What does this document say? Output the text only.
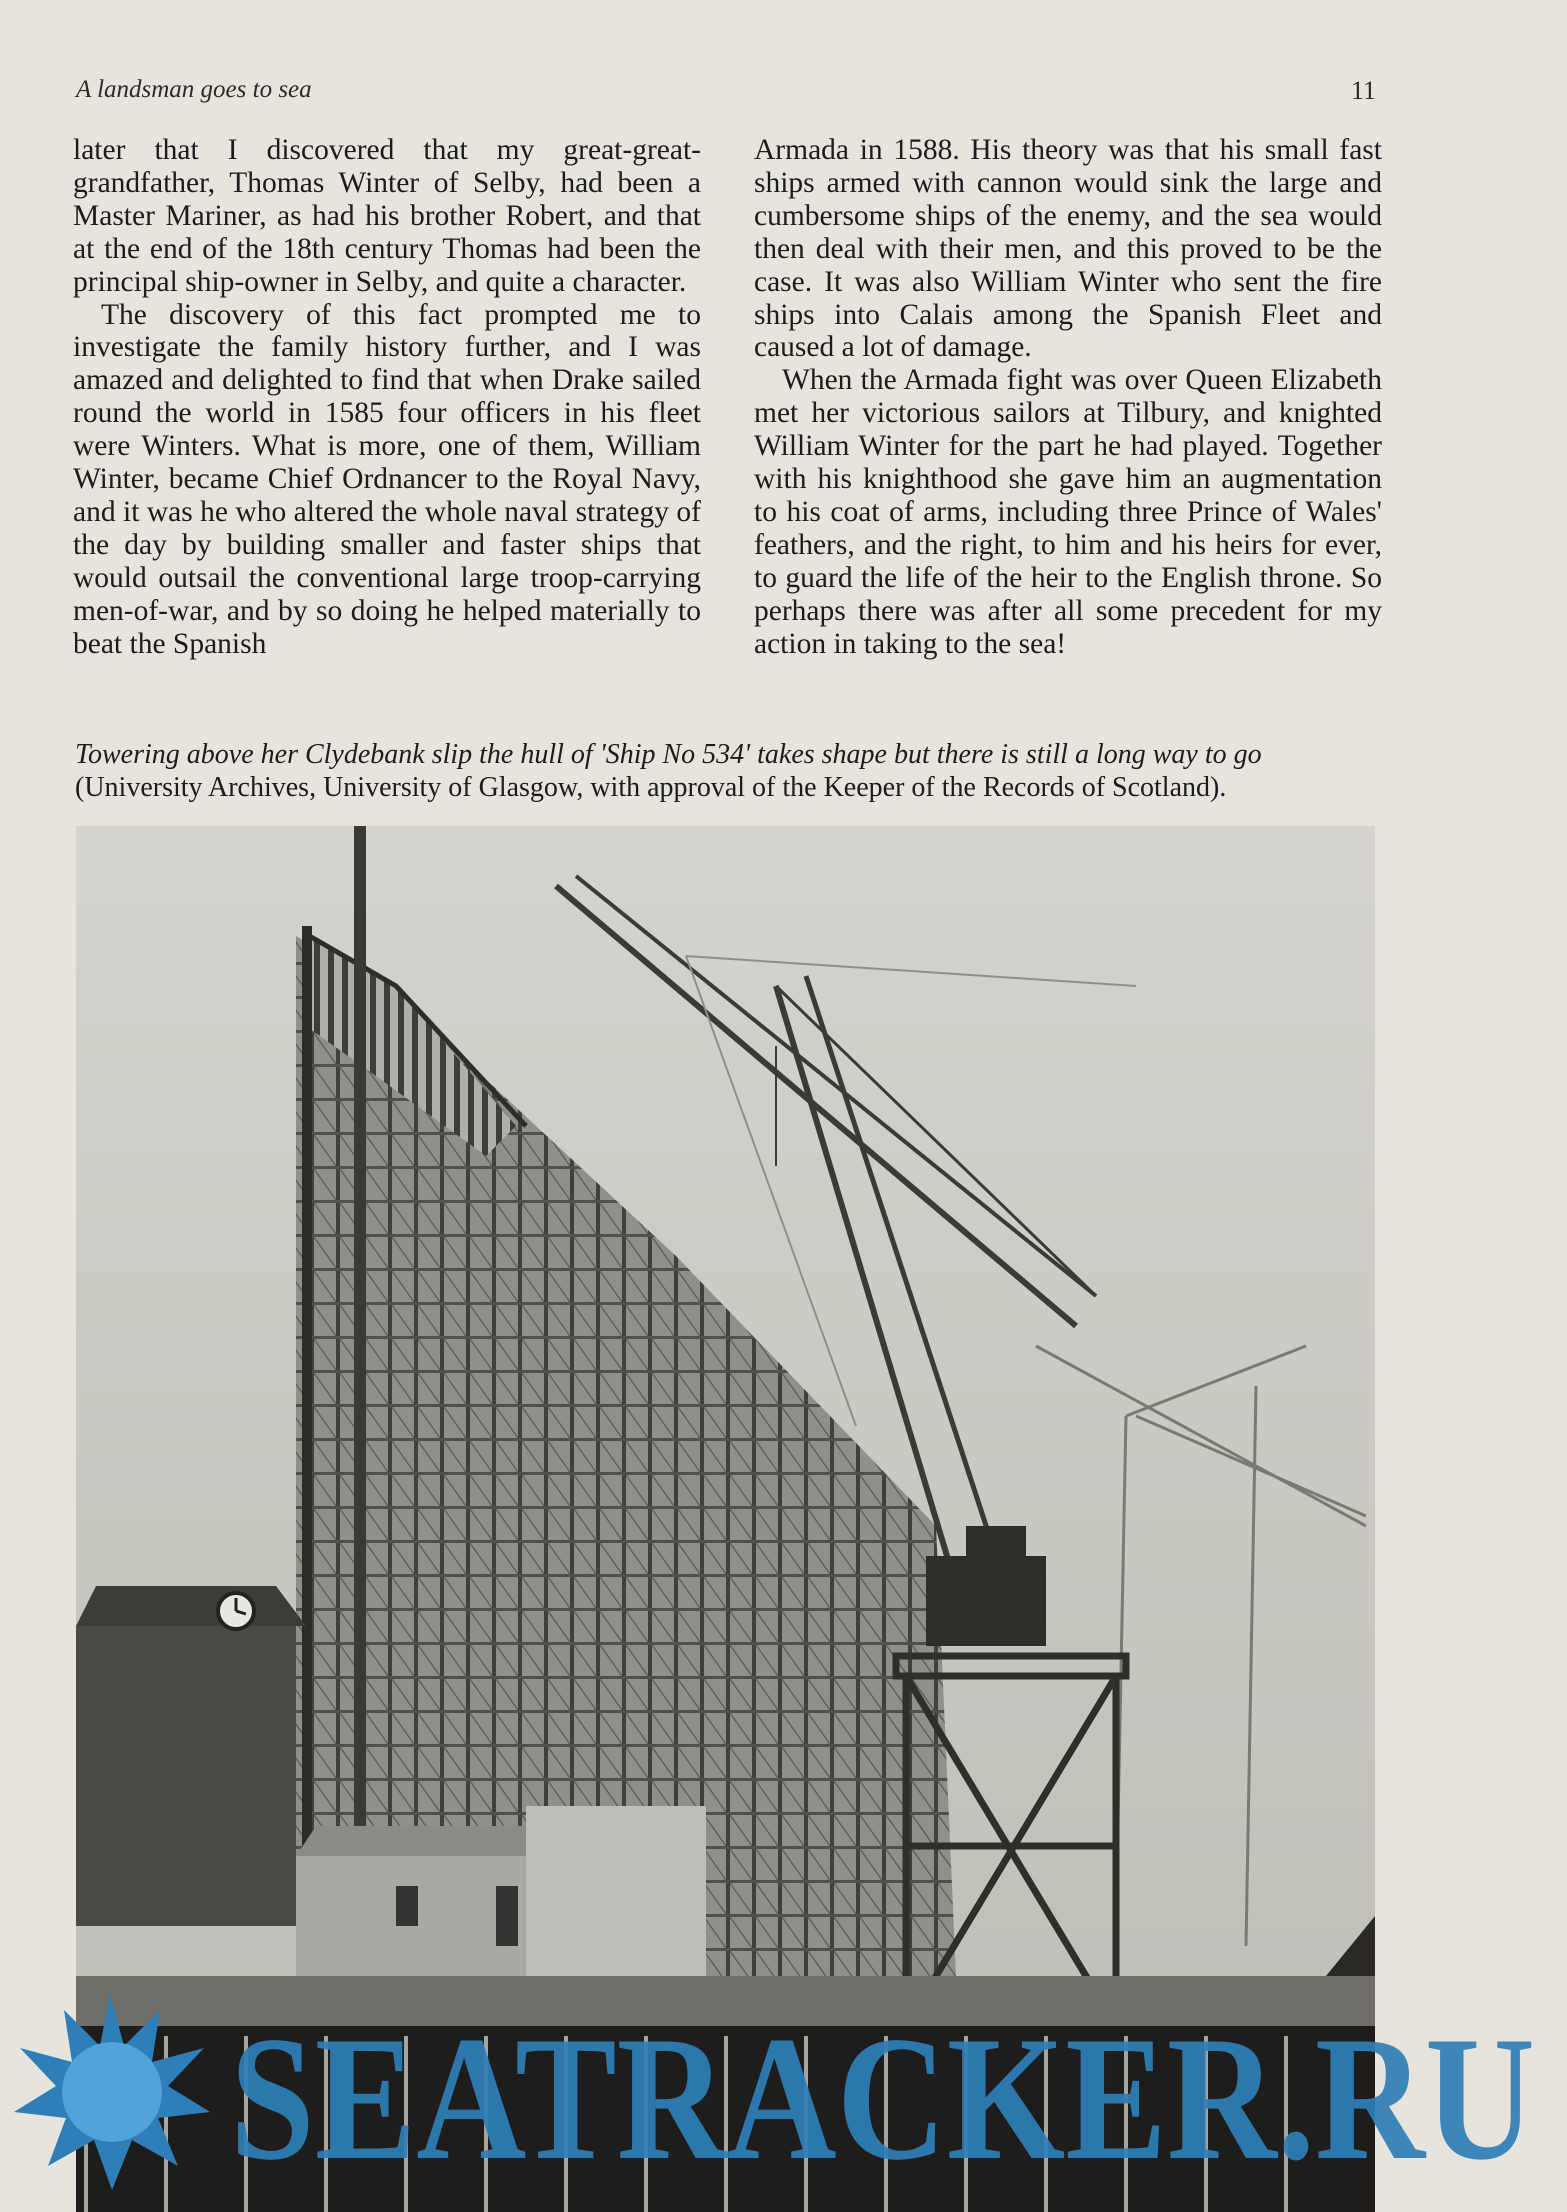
A landsman goes to sea	11

later that I discovered that my great-great-grandfather, Thomas Winter of Selby, had been a Master Mariner, as had his brother Robert, and that at the end of the 18th century Thomas had been the principal ship-owner in Selby, and quite a character.

The discovery of this fact prompted me to investigate the family history further, and I was amazed and delighted to find that when Drake sailed round the world in 1585 four officers in his fleet were Winters. What is more, one of them, William Winter, became Chief Ordnancer to the Royal Navy, and it was he who altered the whole naval strategy of the day by building smaller and faster ships that would outsail the conventional large troop-carrying men-of-war, and by so doing he helped materially to beat the Spanish

Armada in 1588. His theory was that his small fast ships armed with cannon would sink the large and cumbersome ships of the enemy, and the sea would then deal with their men, and this proved to be the case. It was also William Winter who sent the fire ships into Calais among the Spanish Fleet and caused a lot of damage.

When the Armada fight was over Queen Elizabeth met her victorious sailors at Tilbury, and knighted William Winter for the part he had played. Together with his knighthood she gave him an augmentation to his coat of arms, including three Prince of Wales' feathers, and the right, to him and his heirs for ever, to guard the life of the heir to the English throne. So perhaps there was after all some precedent for my action in taking to the sea!

Towering above her Clydebank slip the hull of 'Ship No 534' takes shape but there is still a long way to go (University Archives, University of Glasgow, with approval of the Keeper of the Records of Scotland).
SEATRACKER.RU
